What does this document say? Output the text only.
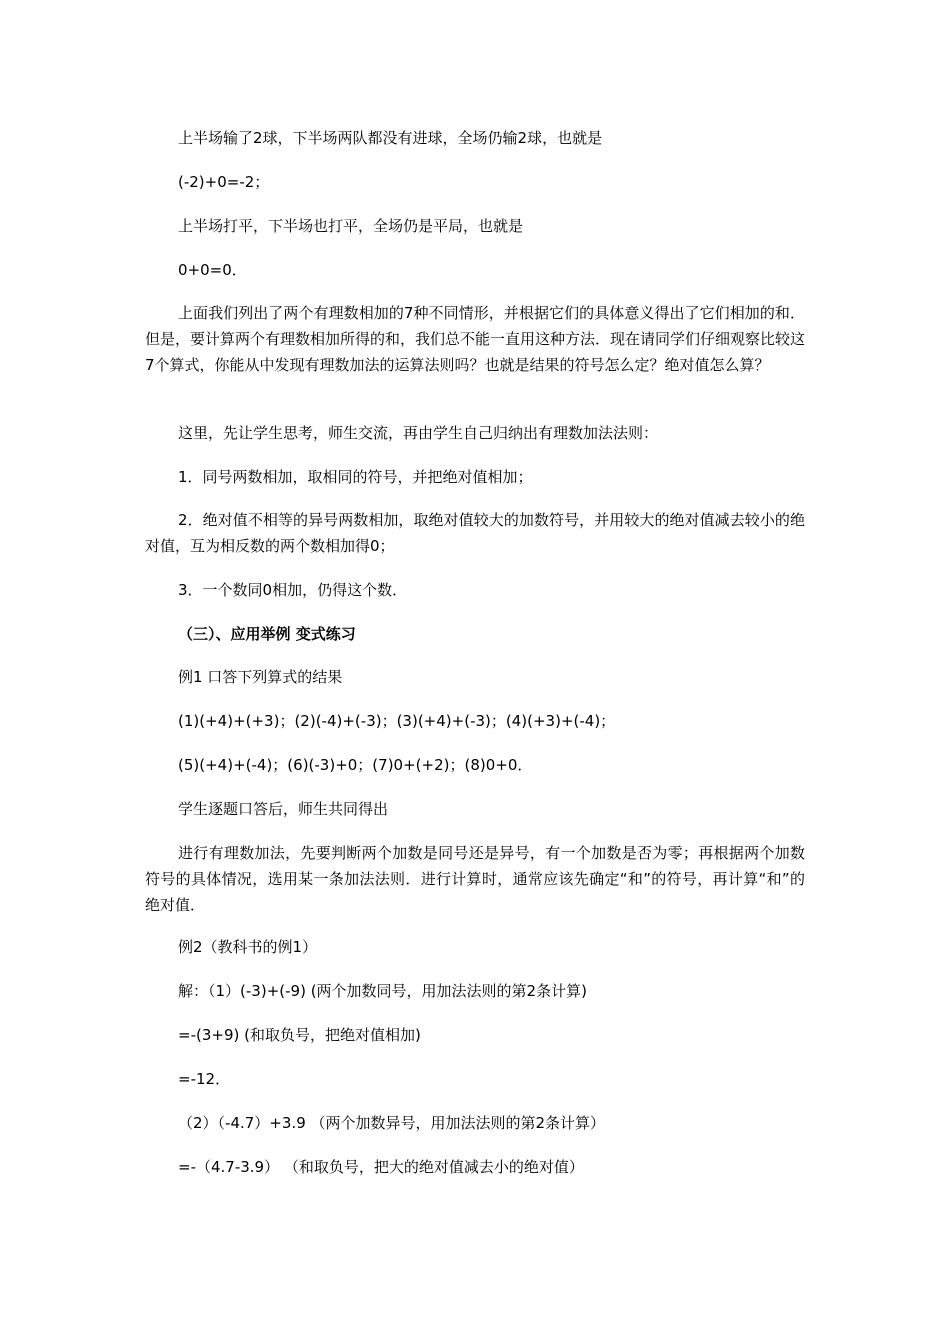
上半场输了2球，下半场两队都没有进球，全场仍输2球，也就是
(-2)+0=-2；
上半场打平，下半场也打平，全场仍是平局，也就是
0+0=0．
上面我们列出了两个有理数相加的7种不同情形，并根据它们的具体意义得出了它们相加的和．但是，要计算两个有理数相加所得的和，我们总不能一直用这种方法．现在请同学们仔细观察比较这7个算式，你能从中发现有理数加法的运算法则吗？也就是结果的符号怎么定？绝对值怎么算？
这里，先让学生思考，师生交流，再由学生自己归纳出有理数加法法则：
1．同号两数相加，取相同的符号，并把绝对值相加；
2．绝对值不相等的异号两数相加，取绝对值较大的加数符号，并用较大的绝对值减去较小的绝对值，互为相反数的两个数相加得0；
3．一个数同0相加，仍得这个数．
（三）、应用举例 变式练习
例1 口答下列算式的结果
(1)(+4)+(+3)；(2)(-4)+(-3)；(3)(+4)+(-3)；(4)(+3)+(-4)；
(5)(+4)+(-4)；(6)(-3)+0；(7)0+(+2)；(8)0+0．
学生逐题口答后，师生共同得出
进行有理数加法，先要判断两个加数是同号还是异号，有一个加数是否为零；再根据两个加数符号的具体情况，选用某一条加法法则．进行计算时，通常应该先确定“和”的符号，再计算“和”的绝对值．
例2（教科书的例1）
解：（1）(-3)+(-9) (两个加数同号，用加法法则的第2条计算)
=-(3+9) (和取负号，把绝对值相加)
=-12．
（2）（-4.7）+3.9 （两个加数异号，用加法法则的第2条计算）
=-（4.7-3.9） （和取负号，把大的绝对值减去小的绝对值）
